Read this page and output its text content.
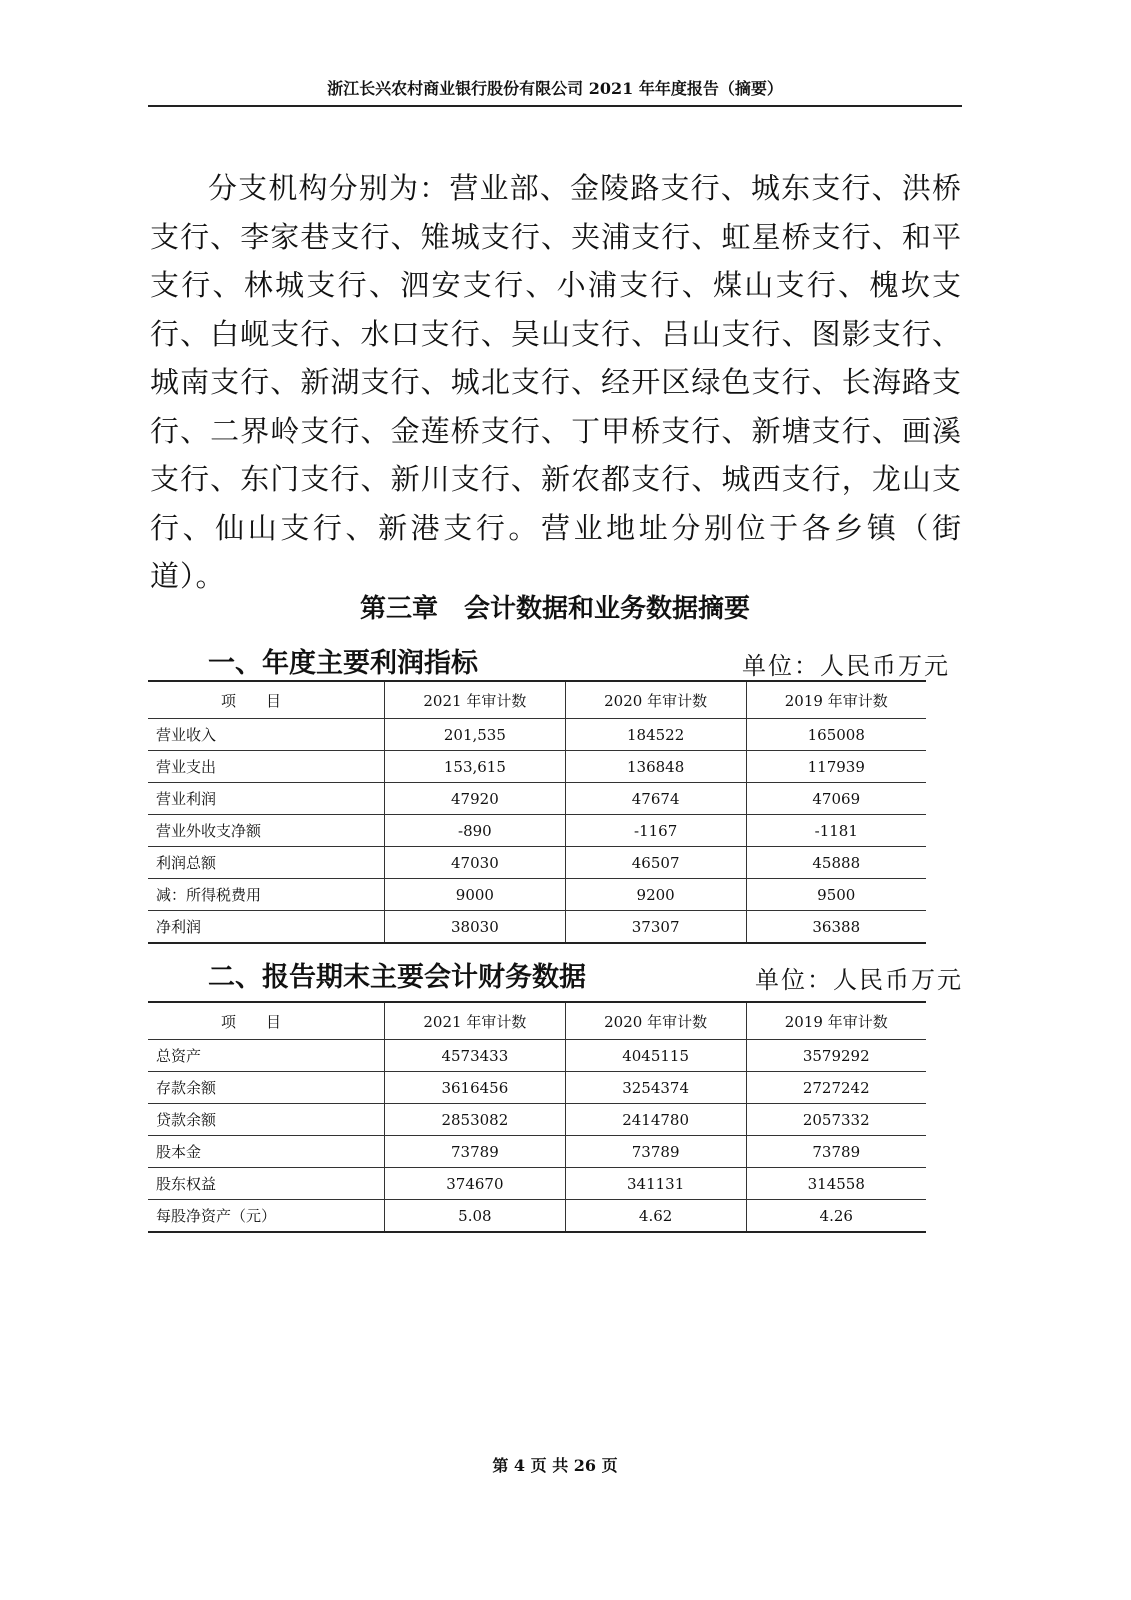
浙江长兴农村商业银行股份有限公司 2021 年年度报告（摘要）

分支机构分别为：营业部、金陵路支行、城东支行、洪桥支行、李家巷支行、雉城支行、夹浦支行、虹星桥支行、和平支行、林城支行、泗安支行、小浦支行、煤山支行、槐坎支行、白岘支行、水口支行、吴山支行、吕山支行、图影支行、城南支行、新湖支行、城北支行、经开区绿色支行、长海路支行、二界岭支行、金莲桥支行、丁甲桥支行、新塘支行、画溪支行、东门支行、新川支行、新农都支行、城西支行，龙山支行、仙山支行、新港支行。营业地址分别位于各乡镇（街道）。

第三章　会计数据和业务数据摘要
一、年度主要利润指标	单位：人民币万元
项目	2021 年审计数	2020 年审计数	2019 年审计数
营业收入	201,535	184522	165008
营业支出	153,615	136848	117939
营业利润	47920	47674	47069
营业外收支净额	-890	-1167	-1181
利润总额	47030	46507	45888
减：所得税费用	9000	9200	9500
净利润	38030	37307	36388
二、报告期末主要会计财务数据	单位：人民币万元
项目	2021 年审计数	2020 年审计数	2019 年审计数
总资产	4573433	4045115	3579292
存款余额	3616456	3254374	2727242
贷款余额	2853082	2414780	2057332
股本金	73789	73789	73789
股东权益	374670	341131	314558
每股净资产（元）	5.08	4.62	4.26
第 4 页 共 26 页
